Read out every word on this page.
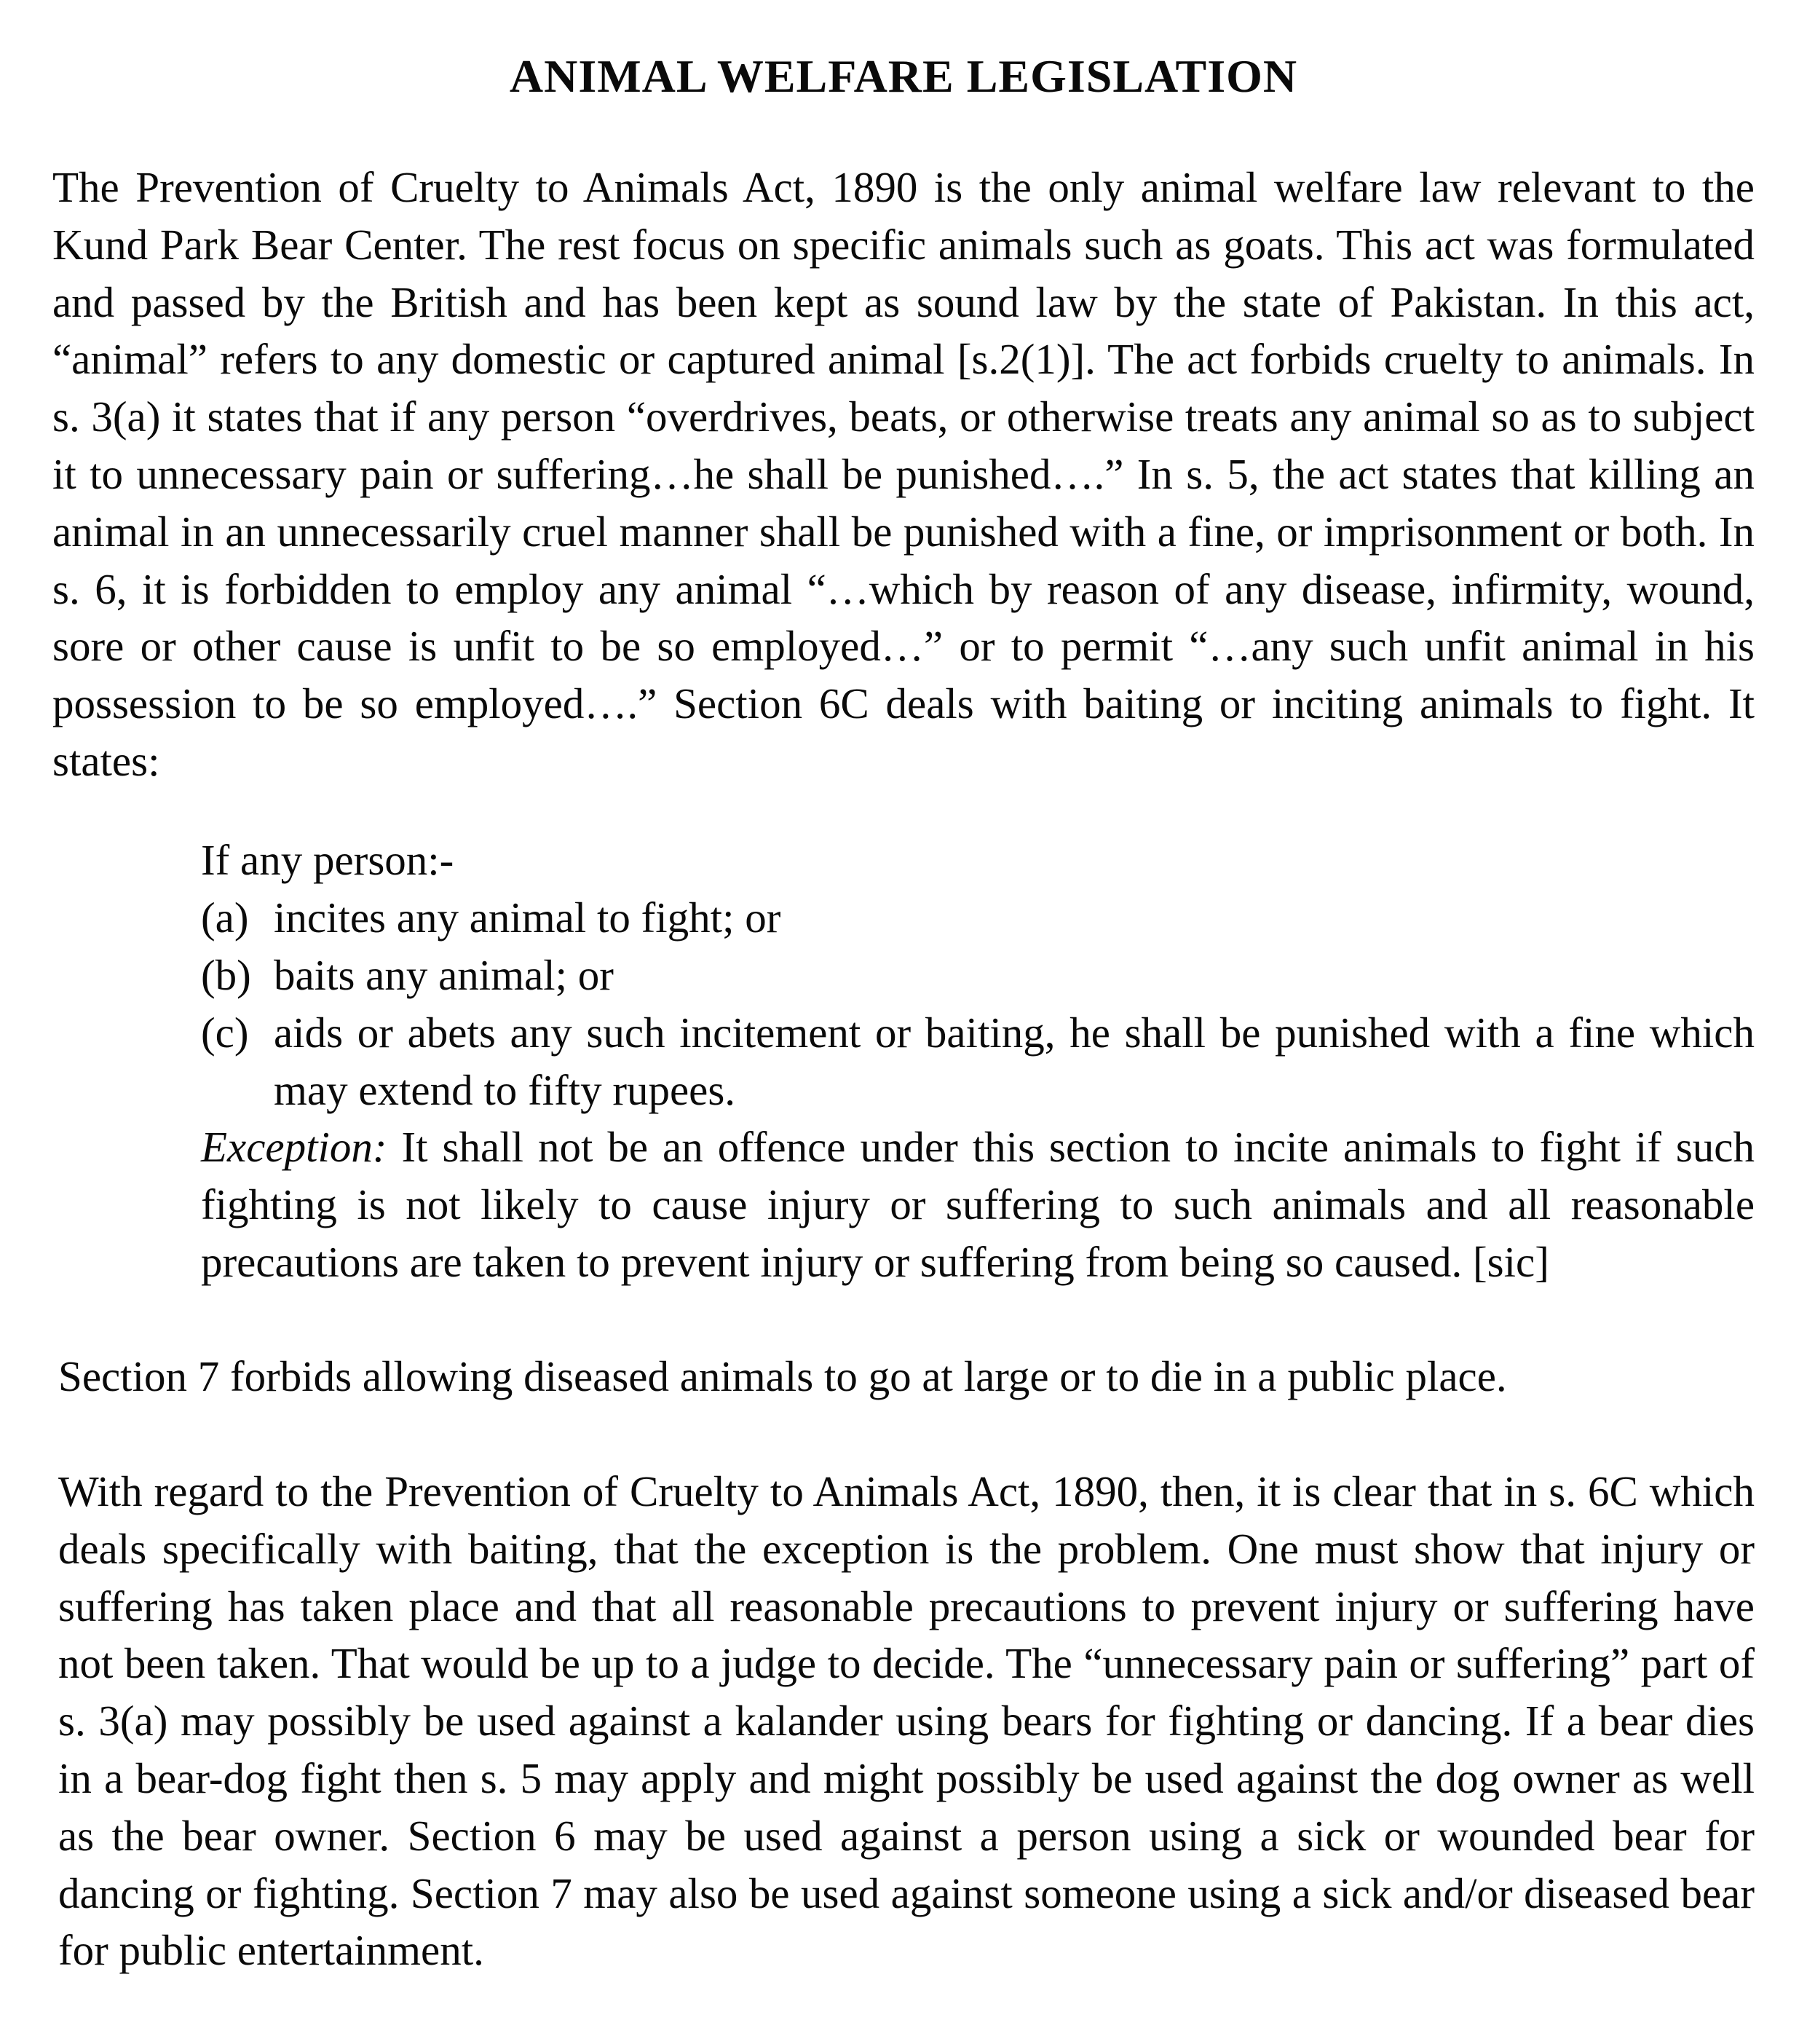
ANIMAL WELFARE LEGISLATION

The Prevention of Cruelty to Animals Act, 1890 is the only animal welfare law relevant to the Kund Park Bear Center. The rest focus on specific animals such as goats. This act was formulated and passed by the British and has been kept as sound law by the state of Pakistan. In this act, “animal” refers to any domestic or captured animal [s.2(1)]. The act forbids cruelty to animals. In s. 3(a) it states that if any person “overdrives, beats, or otherwise treats any animal so as to subject it to unnecessary pain or suffering…he shall be punished….” In s. 5, the act states that killing an animal in an unnecessarily cruel manner shall be punished with a fine, or imprisonment or both. In s. 6, it is forbidden to employ any animal “…which by reason of any disease, infirmity, wound, sore or other cause is unfit to be so employed…” or to permit “…any such unfit animal in his possession to be so employed….” Section 6C deals with baiting or inciting animals to fight. It states:

If any person:-

(a) incites any animal to fight; or

(b) baits any animal; or

(c) aids or abets any such incitement or baiting, he shall be punished with a fine which may extend to fifty rupees.

Exception: It shall not be an offence under this section to incite animals to fight if such fighting is not likely to cause injury or suffering to such animals and all reasonable precautions are taken to prevent injury or suffering from being so caused. [sic]

Section 7 forbids allowing diseased animals to go at large or to die in a public place.

With regard to the Prevention of Cruelty to Animals Act, 1890, then, it is clear that in s. 6C which deals specifically with baiting, that the exception is the problem. One must show that injury or suffering has taken place and that all reasonable precautions to prevent injury or suffering have not been taken. That would be up to a judge to decide. The “unnecessary pain or suffering” part of s. 3(a) may possibly be used against a kalander using bears for fighting or dancing. If a bear dies in a bear-dog fight then s. 5 may apply and might possibly be used against the dog owner as well as the bear owner. Section 6 may be used against a person using a sick or wounded bear for dancing or fighting. Section 7 may also be used against someone using a sick and/or diseased bear for public entertainment.
